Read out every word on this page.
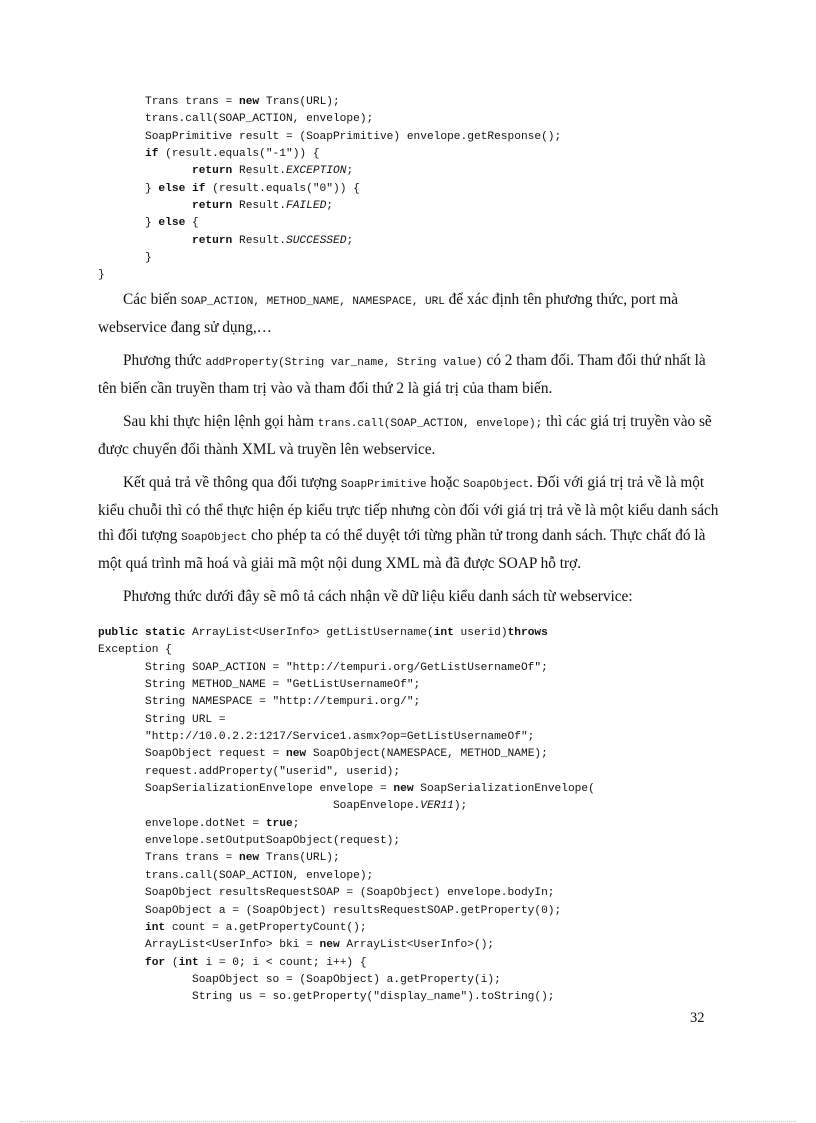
Trans trans = new Trans(URL);
trans.call(SOAP_ACTION, envelope);
SoapPrimitive result = (SoapPrimitive) envelope.getResponse();
if (result.equals("-1")) {
return Result.EXCEPTION;
} else if (result.equals("0")) {
return Result.FAILED;
} else {
return Result.SUCCESSED;
}
}

Các biến SOAP_ACTION, METHOD_NAME, NAMESPACE, URL để xác định tên phương thức, port mà webservice đang sử dụng,…

Phương thức addProperty(String var_name, String value) có 2 tham đối. Tham đối thứ nhất là tên biến cần truyền tham trị vào và tham đối thứ 2 là giá trị của tham biến.

Sau khi thực hiện lệnh gọi hàm trans.call(SOAP_ACTION, envelope); thì các giá trị truyền vào sẽ được chuyển đổi thành XML và truyền lên webservice.

Kết quả trả về thông qua đối tượng SoapPrimitive hoặc SoapObject. Đối với giá trị trả về là một kiểu chuỗi thì có thể thực hiện ép kiểu trực tiếp nhưng còn đối với giá trị trả về là một kiểu danh sách thì đối tượng SoapObject cho phép ta có thể duyệt tới từng phần tử trong danh sách. Thực chất đó là một quá trình mã hoá và giải mã một nội dung XML mà đã được SOAP hỗ trợ.

Phương thức dưới đây sẽ mô tả cách nhận về dữ liệu kiểu danh sách từ webservice:

public static ArrayList<UserInfo> getListUsername(int userid)throws
Exception {
String SOAP_ACTION = "http://tempuri.org/GetListUsernameOf";
String METHOD_NAME = "GetListUsernameOf";
String NAMESPACE = "http://tempuri.org/";
String URL =
"http://10.0.2.2:1217/Service1.asmx?op=GetListUsernameOf";
SoapObject request = new SoapObject(NAMESPACE, METHOD_NAME);
request.addProperty("userid", userid);
SoapSerializationEnvelope envelope = new SoapSerializationEnvelope(
SoapEnvelope.VER11);
envelope.dotNet = true;
envelope.setOutputSoapObject(request);
Trans trans = new Trans(URL);
trans.call(SOAP_ACTION, envelope);
SoapObject resultsRequestSOAP = (SoapObject) envelope.bodyIn;
SoapObject a = (SoapObject) resultsRequestSOAP.getProperty(0);
int count = a.getPropertyCount();
ArrayList<UserInfo> bki = new ArrayList<UserInfo>();
for (int i = 0; i < count; i++) {
SoapObject so = (SoapObject) a.getProperty(i);
String us = so.getProperty("display_name").toString();
32
